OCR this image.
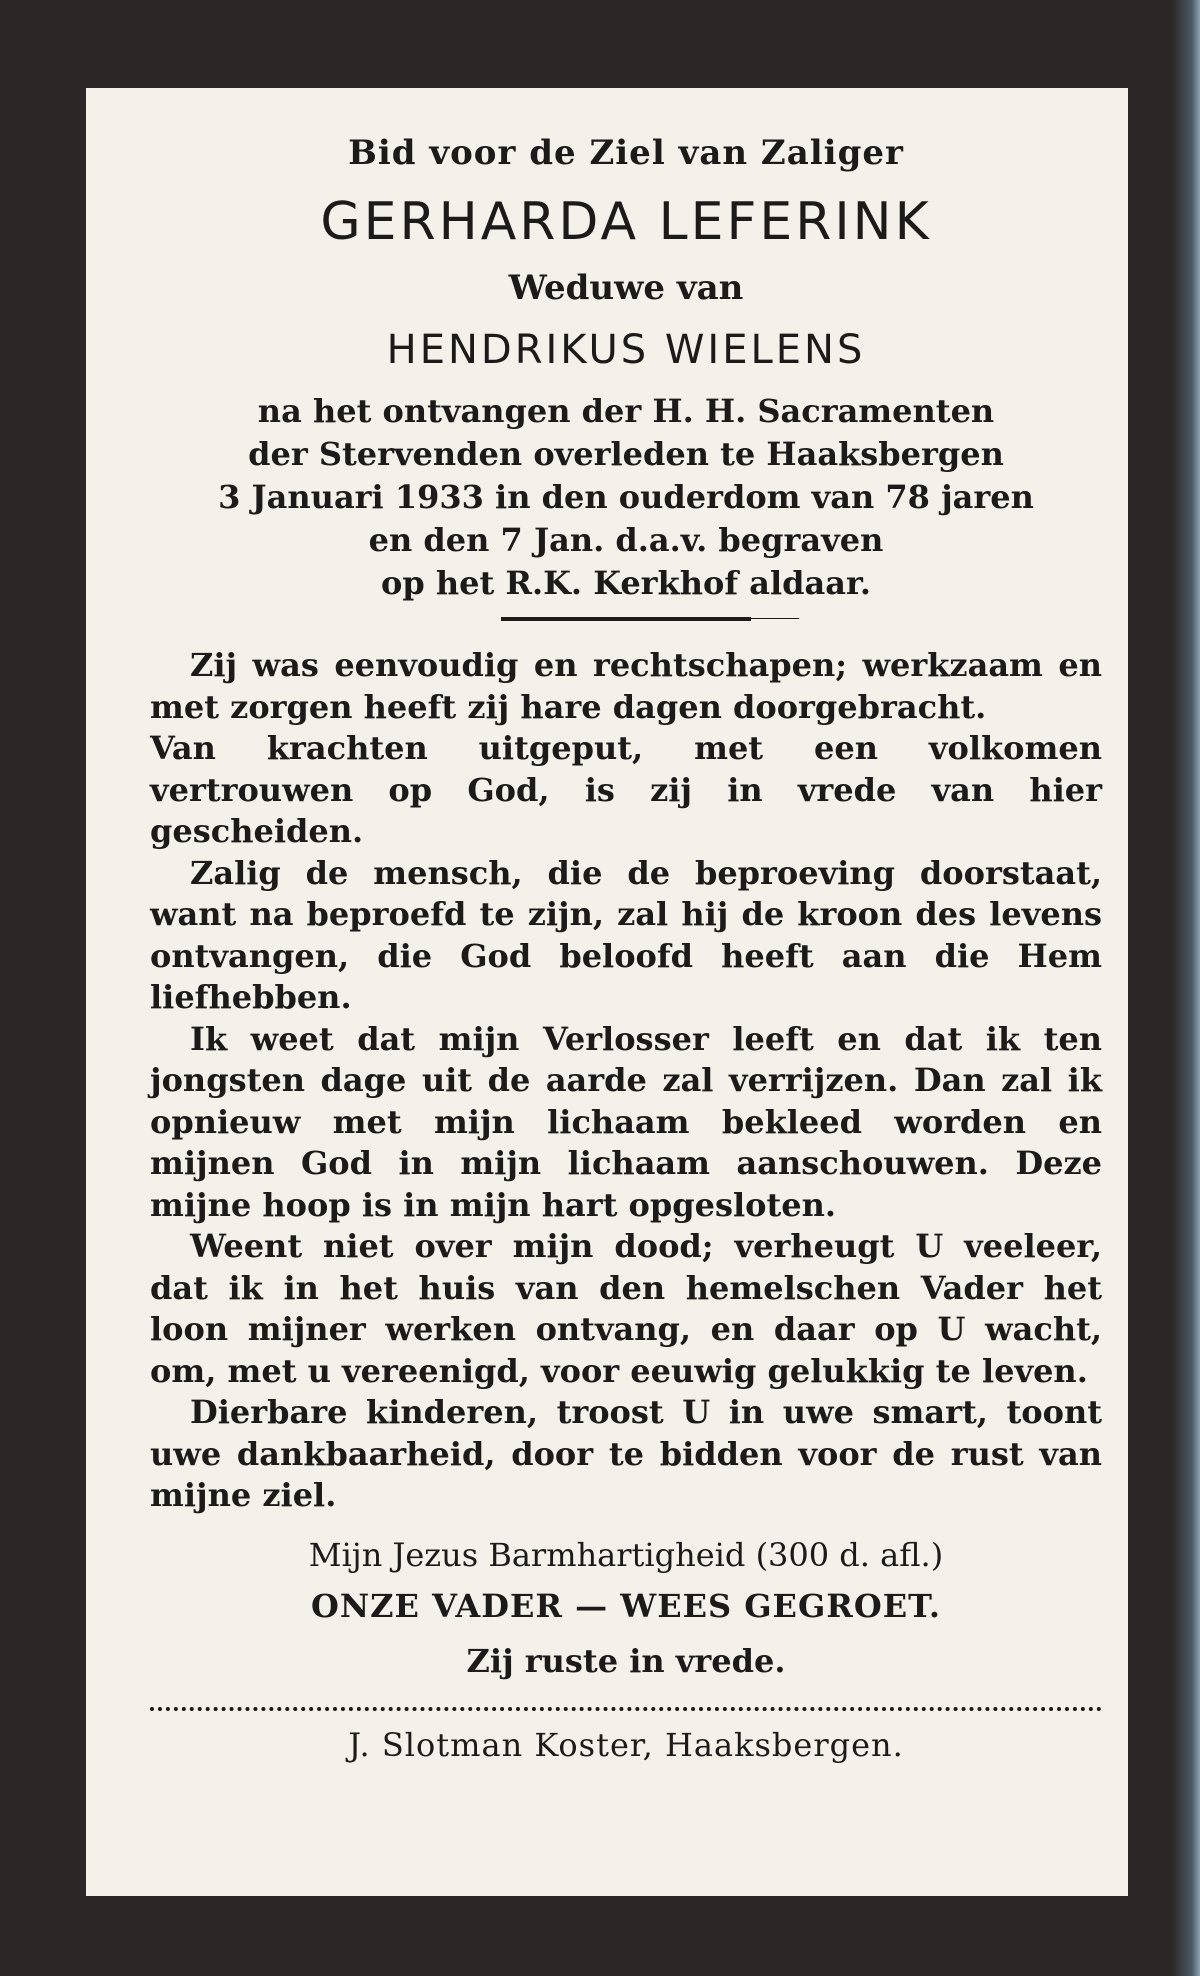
Bid voor de Ziel van Zaliger
GERHARDA LEFERINK
Weduwe van
HENDRIKUS WIELENS
na het ontvangen der H. H. Sacramenten
der Stervenden overleden te Haaksbergen
3 Januari 1933 in den ouderdom van 78 jaren
en den 7 Jan. d.a.v. begraven
op het R.K. Kerkhof aldaar.

Zij was eenvoudig en rechtschapen; werkzaam en met zorgen heeft zij hare dagen doorgebracht.

Van krachten uitgeput, met een volkomen vertrouwen op God, is zij in vrede van hier gescheiden.

Zalig de mensch, die de beproeving doorstaat, want na beproefd te zijn, zal hij de kroon des levens ontvangen, die God beloofd heeft aan die Hem liefhebben.

Ik weet dat mijn Verlosser leeft en dat ik ten jongsten dage uit de aarde zal verrijzen. Dan zal ik opnieuw met mijn lichaam bekleed worden en mijnen God in mijn lichaam aanschouwen. Deze mijne hoop is in mijn hart opgesloten.

Weent niet over mijn dood; verheugt U veeleer, dat ik in het huis van den hemelschen Vader het loon mijner werken ontvang, en daar op U wacht, om, met u vereenigd, voor eeuwig gelukkig te leven.

Dierbare kinderen, troost U in uwe smart, toont uwe dankbaarheid, door te bidden voor de rust van mijne ziel.

Mijn Jezus Barmhartigheid (300 d. afl.)
ONZE VADER — WEES GEGROET.
Zij ruste in vrede.
J. Slotman Koster, Haaksbergen.
